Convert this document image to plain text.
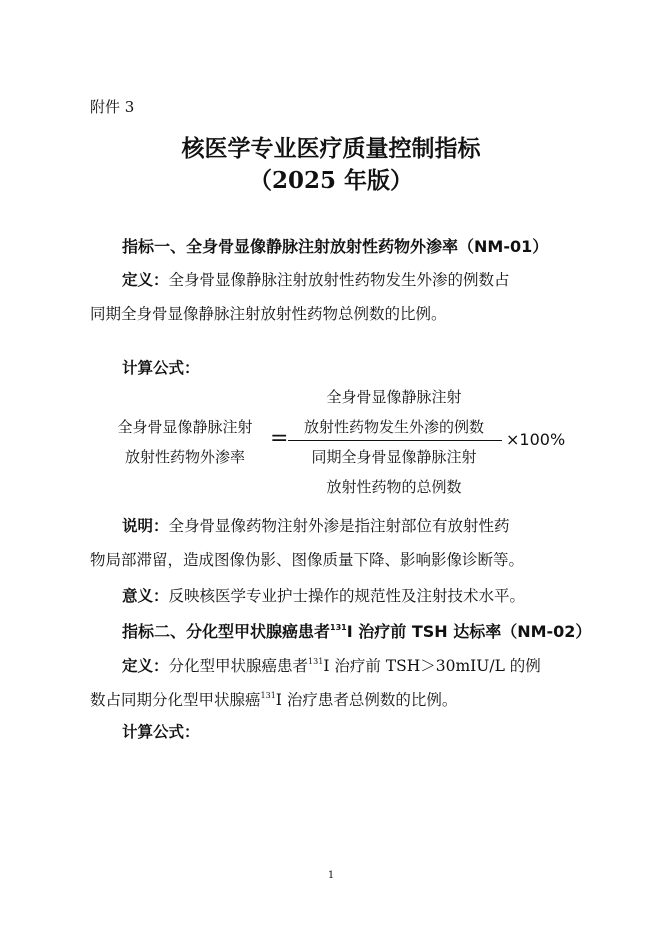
附件 3
核医学专业医疗质量控制指标
（2025 年版）
指标一、全身骨显像静脉注射放射性药物外渗率（NM-01）
定义：全身骨显像静脉注射放射性药物发生外渗的例数占
同期全身骨显像静脉注射放射性药物总例数的比例。
计算公式：
全身骨显像静脉注射
放射性药物外渗率
=
全身骨显像静脉注射
放射性药物发生外渗的例数
同期全身骨显像静脉注射
放射性药物的总例数
×100%
说明：全身骨显像药物注射外渗是指注射部位有放射性药
物局部滞留，造成图像伪影、图像质量下降、影响影像诊断等。
意义：反映核医学专业护士操作的规范性及注射技术水平。
指标二、分化型甲状腺癌患者$^{131}$I 治疗前 TSH 达标率（NM-02）
定义：分化型甲状腺癌患者$^{131}$I 治疗前 TSH＞30mIU/L 的例
数占同期分化型甲状腺癌$^{131}$I 治疗患者总例数的比例。
计算公式：
1
